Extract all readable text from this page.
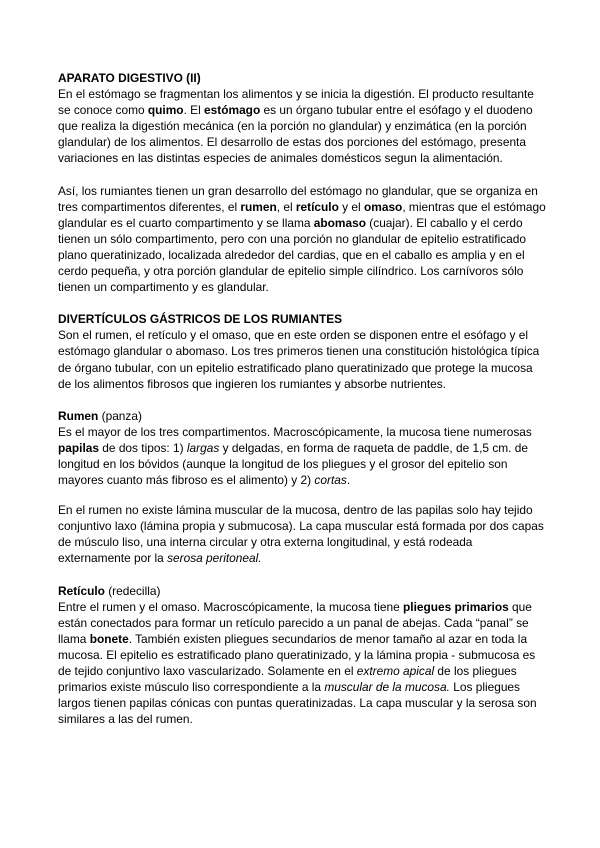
APARATO DIGESTIVO (II)

En el estómago se fragmentan los alimentos y se inicia la digestión. El producto resultante se conoce como quimo. El estómago es un órgano tubular entre el esófago y el duodeno que realiza la digestión mecánica (en la porción no glandular) y enzimática (en la porción glandular) de los alimentos. El desarrollo de estas dos porciones del estómago, presenta variaciones en las distintas especies de animales domésticos segun la alimentación.

Así, los rumiantes tienen un gran desarrollo del estómago no glandular, que se organiza en tres compartimentos diferentes, el rumen, el retículo y el omaso, mientras que el estómago glandular es el cuarto compartimento y se llama abomaso (cuajar). El caballo y el cerdo tienen un sólo compartimento, pero con una porción no glandular de epitelio estratificado plano queratinizado, localizada alrededor del cardias, que en el caballo es amplia y en el cerdo pequeña, y otra porción glandular de epitelio simple cilíndrico. Los carnívoros sólo tienen un compartimento y es glandular.

DIVERTÍCULOS GÁSTRICOS DE LOS RUMIANTES

Son el rumen, el retículo y el omaso, que en este orden se disponen entre el esófago y el estómago glandular o abomaso. Los tres primeros tienen una constitución histológica típica de órgano tubular, con un epitelio estratificado plano queratinizado que protege la mucosa de los alimentos fibrosos que ingieren los rumiantes y absorbe nutrientes.

Rumen (panza)

Es el mayor de los tres compartimentos. Macroscópicamente, la mucosa tiene numerosas papilas de dos tipos: 1) largas y delgadas, en forma de raqueta de paddle, de 1,5 cm. de longitud en los bóvidos (aunque la longitud de los pliegues y el grosor del epitelio son mayores cuanto más fibroso es el alimento) y 2) cortas.

En el rumen no existe lámina muscular de la mucosa, dentro de las papilas solo hay tejido conjuntivo laxo (lámina propia y submucosa). La capa muscular está formada por dos capas de músculo liso, una interna circular y otra externa longitudinal, y está rodeada externamente por la serosa peritoneal.

Retículo (redecilla)

Entre el rumen y el omaso. Macroscópicamente, la mucosa tiene pliegues primarios que están conectados para formar un retículo parecido a un panal de abejas. Cada “panal” se llama bonete. También existen pliegues secundarios de menor tamaño al azar en toda la mucosa. El epitelio es estratificado plano queratinizado, y la lámina propia - submucosa es de tejido conjuntivo laxo vascularizado. Solamente en el extremo apical de los pliegues primarios existe músculo liso correspondiente a la muscular de la mucosa. Los pliegues largos tienen papilas cónicas con puntas queratinizadas. La capa muscular y la serosa son similares a las del rumen.
